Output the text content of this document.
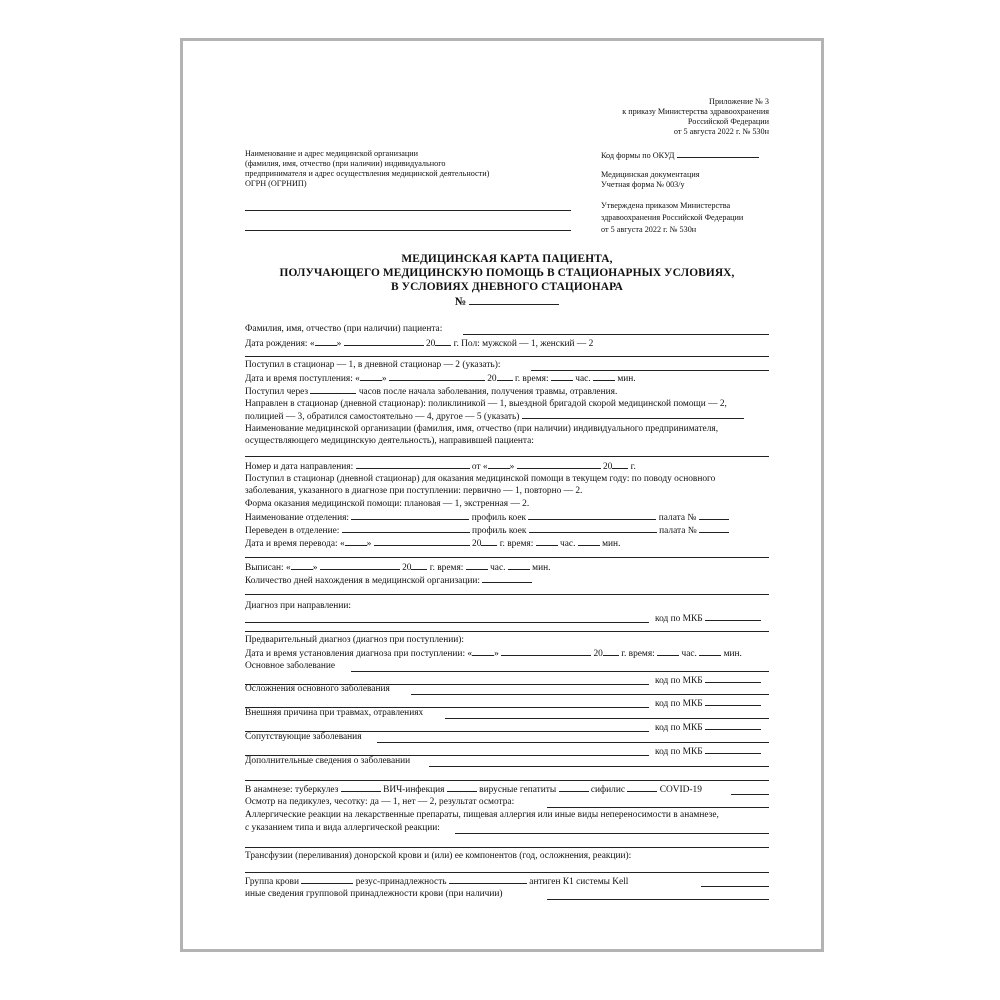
Приложение № 3
к приказу Министерства здравоохранения
Российской Федерации
от 5 августа 2022 г. № 530н
Наименование и адрес медицинской организации
(фамилия, имя, отчество (при наличии) индивидуального
предпринимателя и адрес осуществления медицинской деятельности)
ОГРН (ОГРНИП)
Код формы по ОКУД
Медицинская документация
Учетная форма № 003/у
Утверждена приказом Министерства
здравоохранения Российской Федерации
от 5 августа 2022 г. № 530н
МЕДИЦИНСКАЯ КАРТА ПАЦИЕНТА,
ПОЛУЧАЮЩЕГО МЕДИЦИНСКУЮ ПОМОЩЬ В СТАЦИОНАРНЫХ УСЛОВИЯХ,
В УСЛОВИЯХ ДНЕВНОГО СТАЦИОНАРА
№
Фамилия, имя, отчество (при наличии) пациента:
Дата рождения: « »	20 г. Пол: мужской — 1, женский — 2
Поступил в стационар — 1, в дневной стационар — 2 (указать):
Дата и время поступления: « »	20 г. время:	час.	мин.
Поступил через	часов после начала заболевания, получения травмы, отравления.
Направлен в стационар (дневной стационар): поликлиникой — 1, выездной бригадой скорой медицинской помощи — 2,
полицией — 3, обратился самостоятельно — 4, другое — 5 (указать)
Наименование медицинской организации (фамилия, имя, отчество (при наличии) индивидуального предпринимателя,
осуществляющего медицинскую деятельность), направившей пациента:
Номер и дата направления:	от « »	20 г.
Поступил в стационар (дневной стационар) для оказания медицинской помощи в текущем году: по поводу основного
заболевания, указанного в диагнозе при поступлении: первично — 1, повторно — 2.
Форма оказания медицинской помощи: плановая — 1, экстренная — 2.
Наименование отделения:	профиль коек	палата №
Переведен в отделение:	профиль коек	палата №
Дата и время перевода: « »	20 г. время:	час.	мин.
Выписан: « »	20 г. время:	час.	мин.
Количество дней нахождения в медицинской организации:
Диагноз при направлении:
код по МКБ
Предварительный диагноз (диагноз при поступлении):
Дата и время установления диагноза при поступлении: « »	20 г. время:	час.	мин.
Основное заболевание
код по МКБ
Осложнения основного заболевания
код по МКБ
Внешняя причина при травмах, отравлениях
код по МКБ
Сопутствующие заболевания
код по МКБ
Дополнительные сведения о заболевании
В анамнезе: туберкулез	ВИЧ-инфекция	вирусные гепатиты	сифилис	COVID-19
Осмотр на педикулез, чесотку: да — 1, нет — 2, результат осмотра:
Аллергические реакции на лекарственные препараты, пищевая аллергия или иные виды непереносимости в анамнезе,
с указанием типа и вида аллергической реакции:
Трансфузии (переливания) донорской крови и (или) ее компонентов (год, осложнения, реакции):
Группа крови	резус-принадлежность	антиген К1 системы Kell
иные сведения групповой принадлежности крови (при наличии)
